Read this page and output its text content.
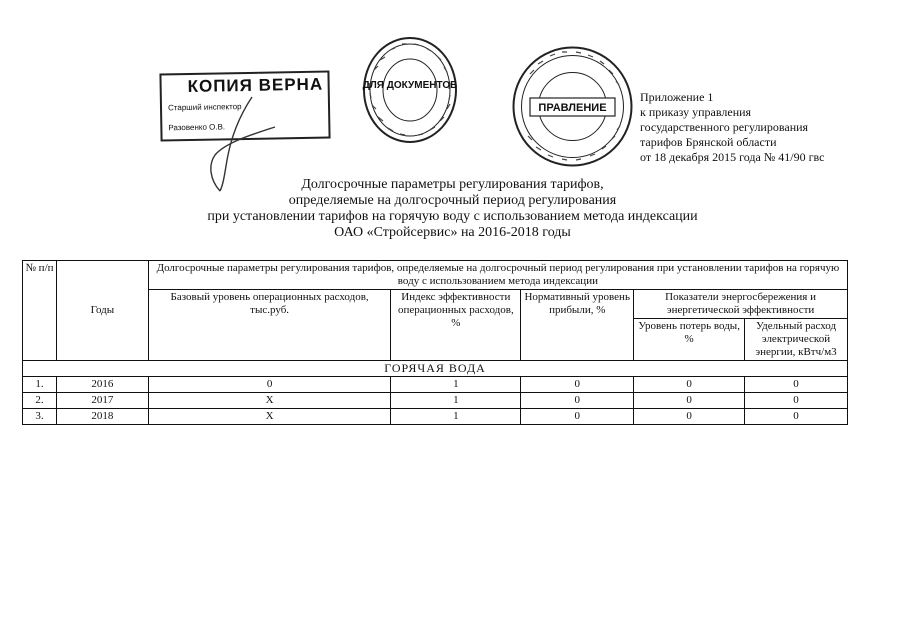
КОПИЯ ВЕРНА
Старший инспектор
Разовенко О.В.
ДЛЯ ДОКУМЕНТОВ
ПРАВЛЕНИЕ
Приложение 1
к приказу управления
государственного регулирования
тарифов Брянской области
от 18 декабря 2015 года № 41/90 гвс
Долгосрочные параметры регулирования тарифов,
определяемые на долгосрочный период регулирования
при установлении тарифов на горячую воду с использованием метода индексации
ОАО «Стройсервис» на 2016-2018 годы
№ п/п	Годы	Долгосрочные параметры регулирования тарифов, определяемые на долгосрочный период регулирования при установлении тарифов на горячую воду с использованием метода индексации				
		Базовый уровень операционных расходов, тыс.руб.	Индекс эффективности операционных расходов, %	Нормативный уровень прибыли, %	Показатели энергосбережения и энергетической эффективности	
					Уровень потерь воды, %	Удельный расход электрической энергии, кВтч/м3
ГОРЯЧАЯ ВОДА						
1.	2016	0	1	0	0	0
2.	2017	Х	1	0	0	0
3.	2018	Х	1	0	0	0
